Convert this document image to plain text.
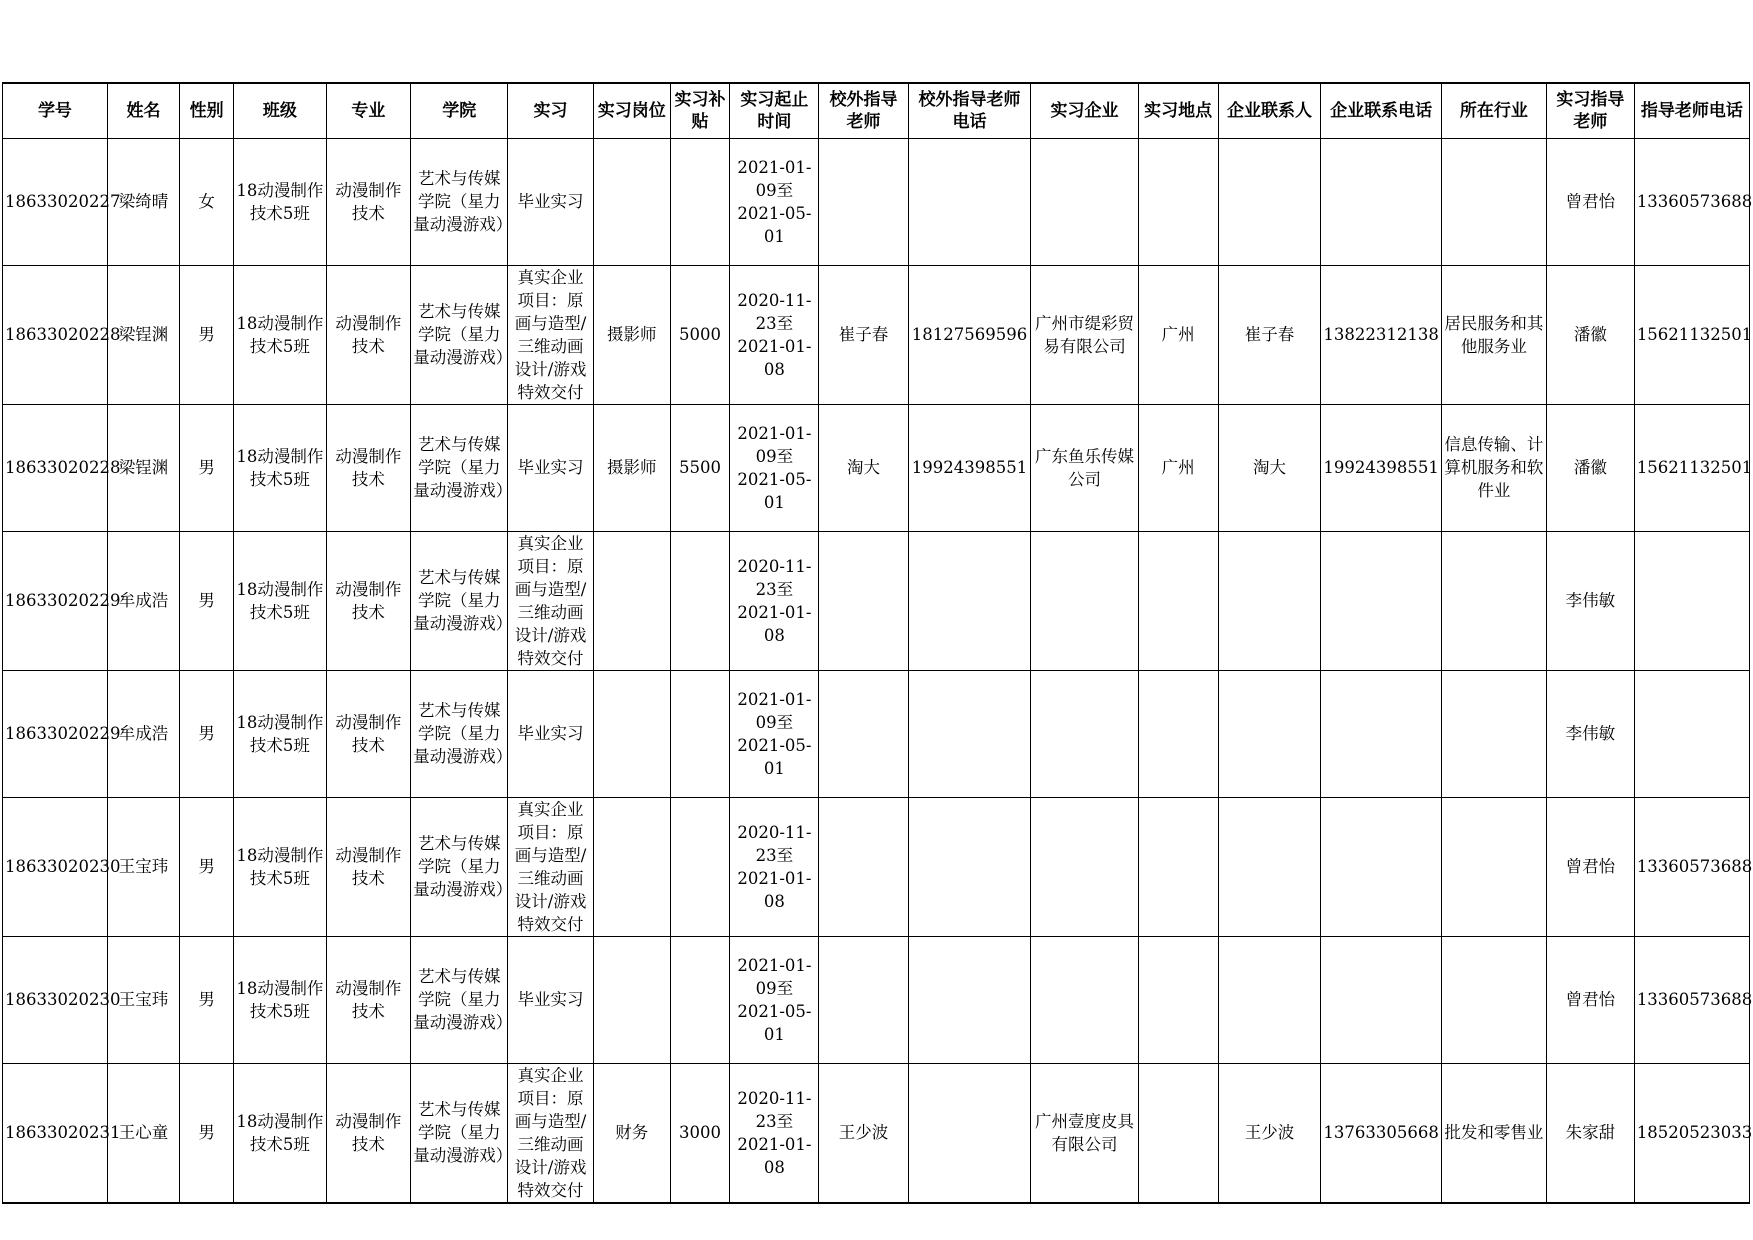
学号	姓名	性别	班级	专业	学院	实习	实习岗位	实习补贴	实习起止时间	校外指导老师	校外指导老师电话	实习企业	实习地点	企业联系人	企业联系电话	所在行业	实习指导老师	指导老师电话

18633020227	梁绮晴	女	18动漫制作技术5班	动漫制作技术	艺术与传媒学院（星力量动漫游戏）	毕业实习			2021-01-09至2021-05-01								曾君怡	13360573688

18633020228	梁锃渊	男	18动漫制作技术5班	动漫制作技术	艺术与传媒学院（星力量动漫游戏）	真实企业项目：原画与造型/三维动画设计/游戏特效交付	摄影师	5000	2020-11-23至2021-01-08	崔子春	18127569596	广州市缇彩贸易有限公司	广州	崔子春	13822312138	居民服务和其他服务业	潘徽	15621132501

18633020228	梁锃渊	男	18动漫制作技术5班	动漫制作技术	艺术与传媒学院（星力量动漫游戏）	毕业实习	摄影师	5500	2021-01-09至2021-05-01	淘大	19924398551	广东鱼乐传媒公司	广州	淘大	19924398551	信息传输、计算机服务和软件业	潘徽	15621132501

18633020229	牟成浩	男	18动漫制作技术5班	动漫制作技术	艺术与传媒学院（星力量动漫游戏）	真实企业项目：原画与造型/三维动画设计/游戏特效交付			2020-11-23至2021-01-08								李伟敏	

18633020229	牟成浩	男	18动漫制作技术5班	动漫制作技术	艺术与传媒学院（星力量动漫游戏）	毕业实习			2021-01-09至2021-05-01								李伟敏	

18633020230	王宝玮	男	18动漫制作技术5班	动漫制作技术	艺术与传媒学院（星力量动漫游戏）	真实企业项目：原画与造型/三维动画设计/游戏特效交付			2020-11-23至2021-01-08								曾君怡	13360573688

18633020230	王宝玮	男	18动漫制作技术5班	动漫制作技术	艺术与传媒学院（星力量动漫游戏）	毕业实习			2021-01-09至2021-05-01								曾君怡	13360573688

18633020231	王心童	男	18动漫制作技术5班	动漫制作技术	艺术与传媒学院（星力量动漫游戏）	真实企业项目：原画与造型/三维动画设计/游戏特效交付	财务	3000	2020-11-23至2021-01-08	王少波		广州壹度皮具有限公司		王少波	13763305668	批发和零售业	朱家甜	18520523033
